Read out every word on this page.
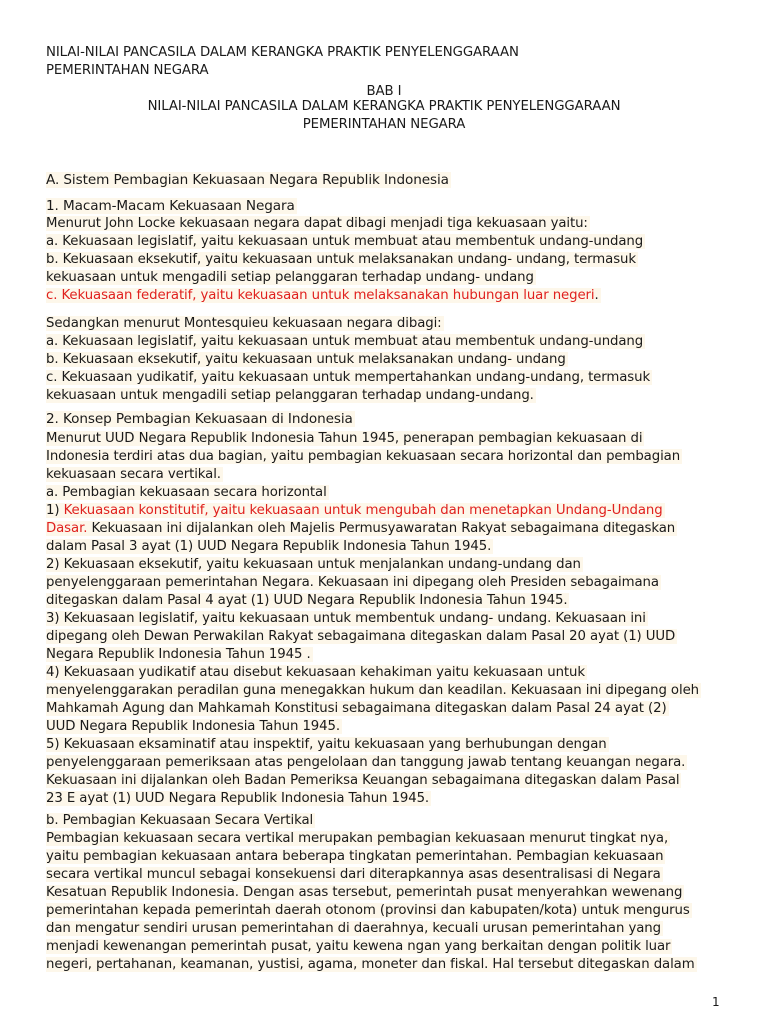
NILAI-NILAI PANCASILA DALAM KERANGKA PRAKTIK PENYELENGGARAAN
PEMERINTAHAN NEGARA
BAB I
NILAI-NILAI PANCASILA DALAM KERANGKA PRAKTIK PENYELENGGARAAN
PEMERINTAHAN NEGARA
A. Sistem Pembagian Kekuasaan Negara Republik Indonesia
1. Macam-Macam Kekuasaan Negara
Menurut John Locke kekuasaan negara dapat dibagi menjadi tiga kekuasaan yaitu:
a. Kekuasaan legislatif, yaitu kekuasaan untuk membuat atau membentuk undang-undang
b. Kekuasaan eksekutif, yaitu kekuasaan untuk melaksanakan undang- undang, termasuk
kekuasaan untuk mengadili setiap pelanggaran terhadap undang- undang
c. Kekuasaan federatif, yaitu kekuasaan untuk melaksanakan hubungan luar negeri.
Sedangkan menurut Montesquieu kekuasaan negara dibagi:
a. Kekuasaan legislatif, yaitu kekuasaan untuk membuat atau membentuk undang-undang
b. Kekuasaan eksekutif, yaitu kekuasaan untuk melaksanakan undang- undang
c. Kekuasaan yudikatif, yaitu kekuasaan untuk mempertahankan undang-undang, termasuk
kekuasaan untuk mengadili setiap pelanggaran terhadap undang-undang.
2. Konsep Pembagian Kekuasaan di Indonesia
Menurut UUD Negara Republik Indonesia Tahun 1945, penerapan pembagian kekuasaan di
Indonesia terdiri atas dua bagian, yaitu pembagian kekuasaan secara horizontal dan pembagian
kekuasaan secara vertikal.
a. Pembagian kekuasaan secara horizontal
1) Kekuasaan konstitutif, yaitu kekuasaan untuk mengubah dan menetapkan Undang-Undang
Dasar. Kekuasaan ini dijalankan oleh Majelis Permusyawaratan Rakyat sebagaimana ditegaskan
dalam Pasal 3 ayat (1) UUD Negara Republik Indonesia Tahun 1945.
2) Kekuasaan eksekutif, yaitu kekuasaan untuk menjalankan undang-undang dan
penyelenggaraan pemerintahan Negara. Kekuasaan ini dipegang oleh Presiden sebagaimana
ditegaskan dalam Pasal 4 ayat (1) UUD Negara Republik Indonesia Tahun 1945.
3) Kekuasaan legislatif, yaitu kekuasaan untuk membentuk undang- undang. Kekuasaan ini
dipegang oleh Dewan Perwakilan Rakyat sebagaimana ditegaskan dalam Pasal 20 ayat (1) UUD
Negara Republik Indonesia Tahun 1945 .
4) Kekuasaan yudikatif atau disebut kekuasaan kehakiman yaitu kekuasaan untuk
menyelenggarakan peradilan guna menegakkan hukum dan keadilan. Kekuasaan ini dipegang oleh
Mahkamah Agung dan Mahkamah Konstitusi sebagaimana ditegaskan dalam Pasal 24 ayat (2)
UUD Negara Republik Indonesia Tahun 1945.
5) Kekuasaan eksaminatif atau inspektif, yaitu kekuasaan yang berhubungan dengan
penyelenggaraan pemeriksaan atas pengelolaan dan tanggung jawab tentang keuangan negara.
Kekuasaan ini dijalankan oleh Badan Pemeriksa Keuangan sebagaimana ditegaskan dalam Pasal
23 E ayat (1) UUD Negara Republik Indonesia Tahun 1945.
b. Pembagian Kekuasaan Secara Vertikal
Pembagian kekuasaan secara vertikal merupakan pembagian kekuasaan menurut tingkat nya,
yaitu pembagian kekuasaan antara beberapa tingkatan pemerintahan. Pembagian kekuasaan
secara vertikal muncul sebagai konsekuensi dari diterapkannya asas desentralisasi di Negara
Kesatuan Republik Indonesia. Dengan asas tersebut, pemerintah pusat menyerahkan wewenang
pemerintahan kepada pemerintah daerah otonom (provinsi dan kabupaten/kota) untuk mengurus
dan mengatur sendiri urusan pemerintahan di daerahnya, kecuali urusan pemerintahan yang
menjadi kewenangan pemerintah pusat, yaitu kewena ngan yang berkaitan dengan politik luar
negeri, pertahanan, keamanan, yustisi, agama, moneter dan fiskal. Hal tersebut ditegaskan dalam
1
